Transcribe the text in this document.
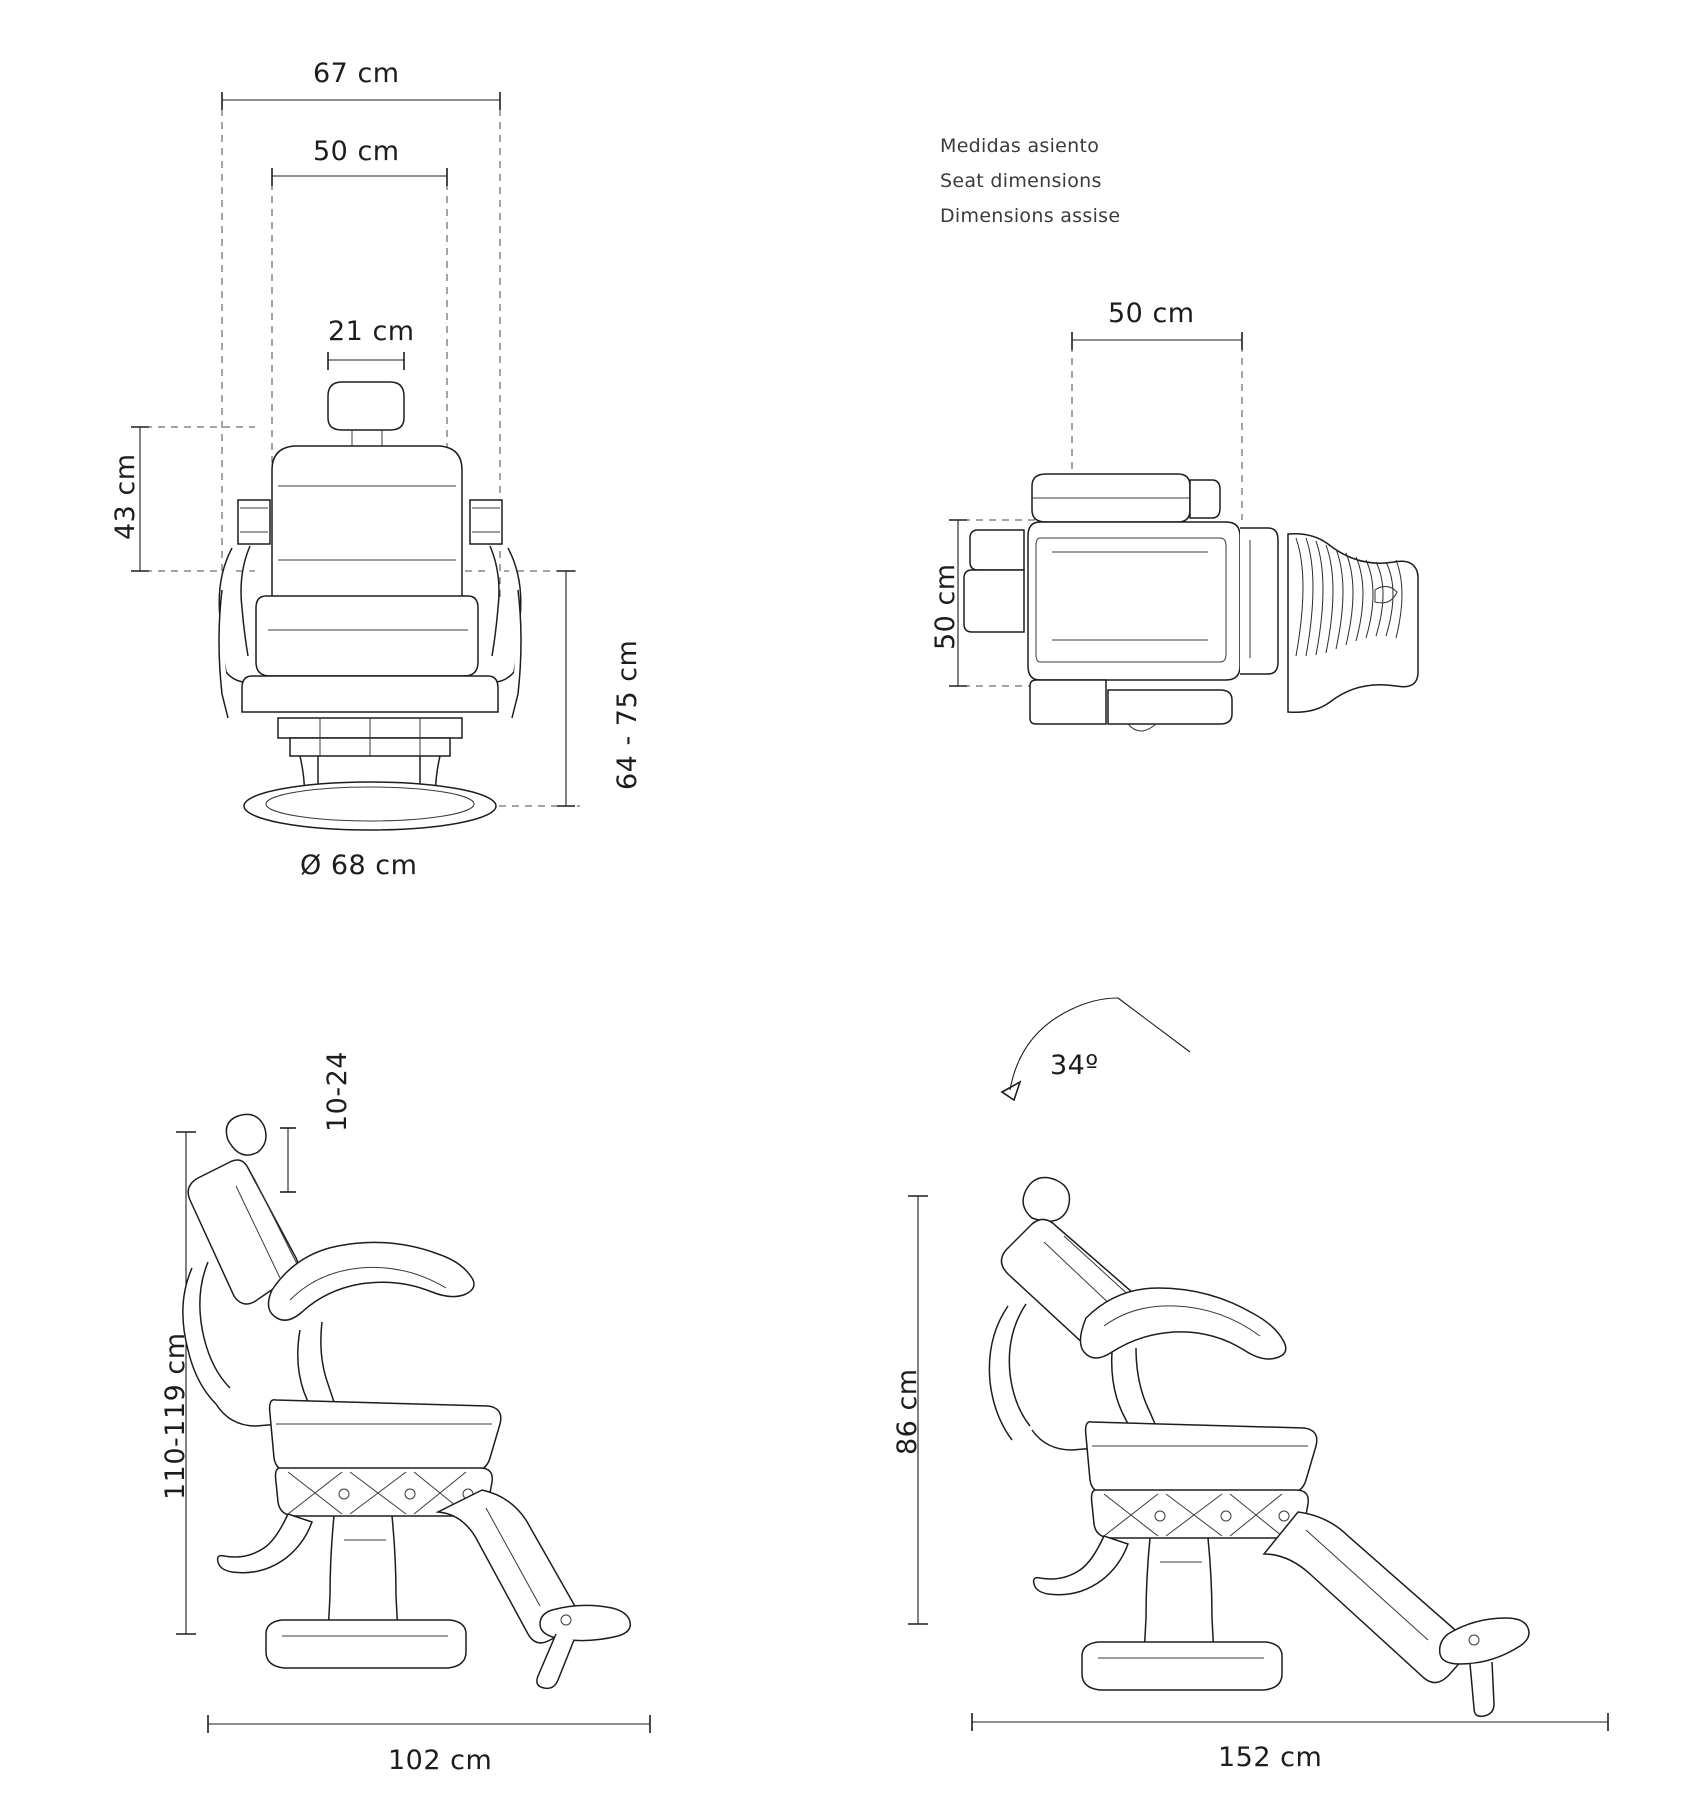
Medidas asiento
Seat dimensions
Dimensions assise
67 cm
50 cm
21 cm
43 cm
64 - 75 cm
Ø 68 cm
50 cm
50 cm
10-24
110-119 cm
102 cm
34º
86 cm
152 cm
